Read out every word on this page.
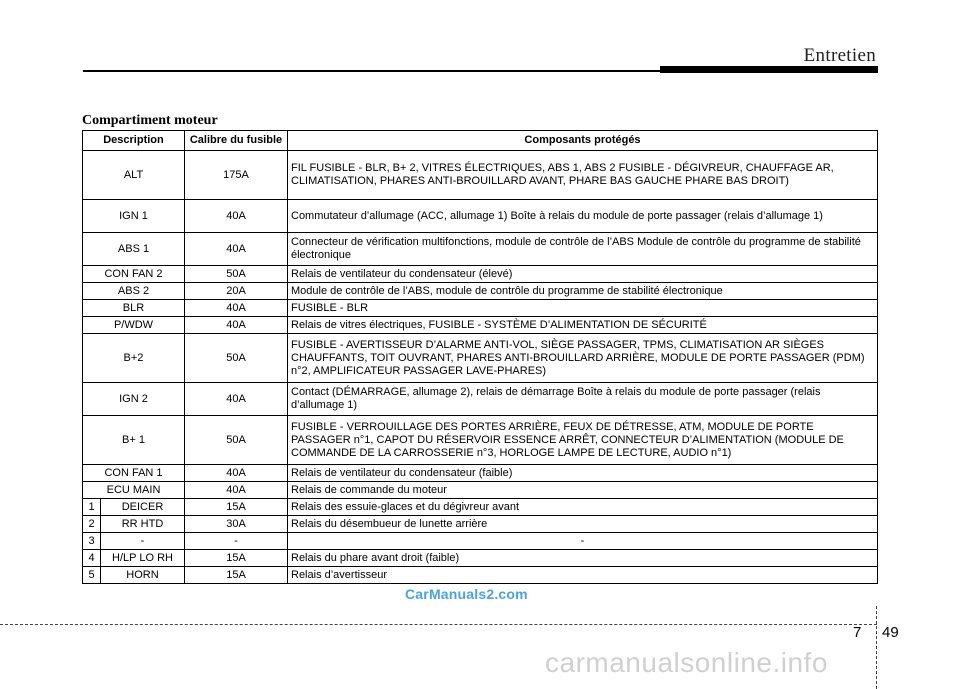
Entretien
Compartiment moteur
Description		Calibre du fusible	Composants protégés
ALT		175A	FIL FUSIBLE - BLR, B+ 2, VITRES ÉLECTRIQUES, ABS 1, ABS 2 FUSIBLE - DÉGIVREUR, CHAUFFAGE AR, CLIMATISATION, PHARES ANTI-BROUILLARD AVANT, PHARE BAS GAUCHE PHARE BAS DROIT)
IGN 1		40A	Commutateur d’allumage (ACC, allumage 1) Boîte à relais du module de porte passager (relais d’allumage 1)
ABS 1		40A	Connecteur de vérification multifonctions, module de contrôle de l’ABS Module de contrôle du programme de stabilité électronique
CON FAN 2		50A	Relais de ventilateur du condensateur (élevé)
ABS 2		20A	Module de contrôle de l’ABS, module de contrôle du programme de stabilité électronique
BLR		40A	FUSIBLE - BLR
P/WDW		40A	Relais de vitres électriques, FUSIBLE - SYSTÈME D’ALIMENTATION DE SÉCURITÉ
B+2		50A	FUSIBLE - AVERTISSEUR D’ALARME ANTI-VOL, SIÈGE PASSAGER, TPMS, CLIMATISATION AR SIÈGES CHAUFFANTS, TOIT OUVRANT, PHARES ANTI-BROUILLARD ARRIÈRE, MODULE DE PORTE PASSAGER (PDM) n°2, AMPLIFICATEUR PASSAGER LAVE-PHARES)
IGN 2		40A	Contact (DÉMARRAGE, allumage 2), relais de démarrage Boîte à relais du module de porte passager (relais d’allumage 1)
B+ 1		50A	FUSIBLE - VERROUILLAGE DES PORTES ARRIÈRE, FEUX DE DÉTRESSE, ATM, MODULE DE PORTE PASSAGER n°1, CAPOT DU RÉSERVOIR ESSENCE ARRÊT, CONNECTEUR D’ALIMENTATION (MODULE DE COMMANDE DE LA CARROSSERIE n°3, HORLOGE LAMPE DE LECTURE, AUDIO n°1)
CON FAN 1		40A	Relais de ventilateur du condensateur (faible)
ECU MAIN		40A	Relais de commande du moteur
1	DEICER	15A	Relais des essuie-glaces et du dégivreur avant
2	RR HTD	30A	Relais du désembueur de lunette arrière
3	-	-	-
4	H/LP LO RH	15A	Relais du phare avant droit (faible)
5	HORN	15A	Relais d’avertisseur
CarManuals2.com
7 49
carmanualsonline.info
